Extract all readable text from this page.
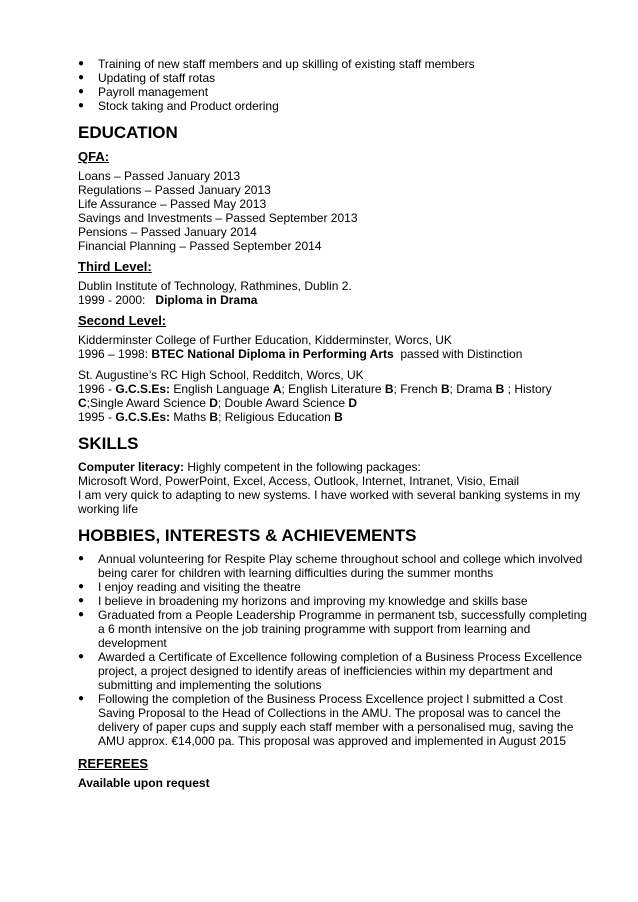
● Training of new staff members and up skilling of existing staff members
● Updating of staff rotas
● Payroll management
● Stock taking and Product ordering
EDUCATION
QFA:

Loans – Passed January 2013

Regulations – Passed January 2013

Life Assurance – Passed May 2013

Savings and Investments – Passed September 2013

Pensions – Passed January 2014

Financial Planning – Passed September 2014

Third Level:

Dublin Institute of Technology, Rathmines, Dublin 2.

1999 - 2000: Diploma in Drama

Second Level:

Kidderminster College of Further Education, Kidderminster, Worcs, UK

1996 – 1998: BTEC National Diploma in Performing Arts passed with Distinction

St. Augustine’s RC High School, Redditch, Worcs, UK

1996 - G.C.S.Es: English Language A; English Literature B; French B; Drama B ; History C;Single Award Science D; Double Award Science D

1995 - G.C.S.Es: Maths B; Religious Education B

SKILLS

Computer literacy: Highly competent in the following packages:

Microsoft Word, PowerPoint, Excel, Access, Outlook, Internet, Intranet, Visio, Email

I am very quick to adapting to new systems. I have worked with several banking systems in my working life

HOBBIES, INTERESTS & ACHIEVEMENTS
● Annual volunteering for Respite Play scheme throughout school and college which involved being carer for children with learning difficulties during the summer months
● I enjoy reading and visiting the theatre
● I believe in broadening my horizons and improving my knowledge and skills base
● Graduated from a People Leadership Programme in permanent tsb, successfully completing a 6 month intensive on the job training programme with support from learning and development
● Awarded a Certificate of Excellence following completion of a Business Process Excellence project, a project designed to identify areas of inefficiencies within my department and submitting and implementing the solutions
● Following the completion of the Business Process Excellence project I submitted a Cost Saving Proposal to the Head of Collections in the AMU. The proposal was to cancel the delivery of paper cups and supply each staff member with a personalised mug, saving the AMU approx. €14,000 pa. This proposal was approved and implemented in August 2015
REFEREES

Available upon request
